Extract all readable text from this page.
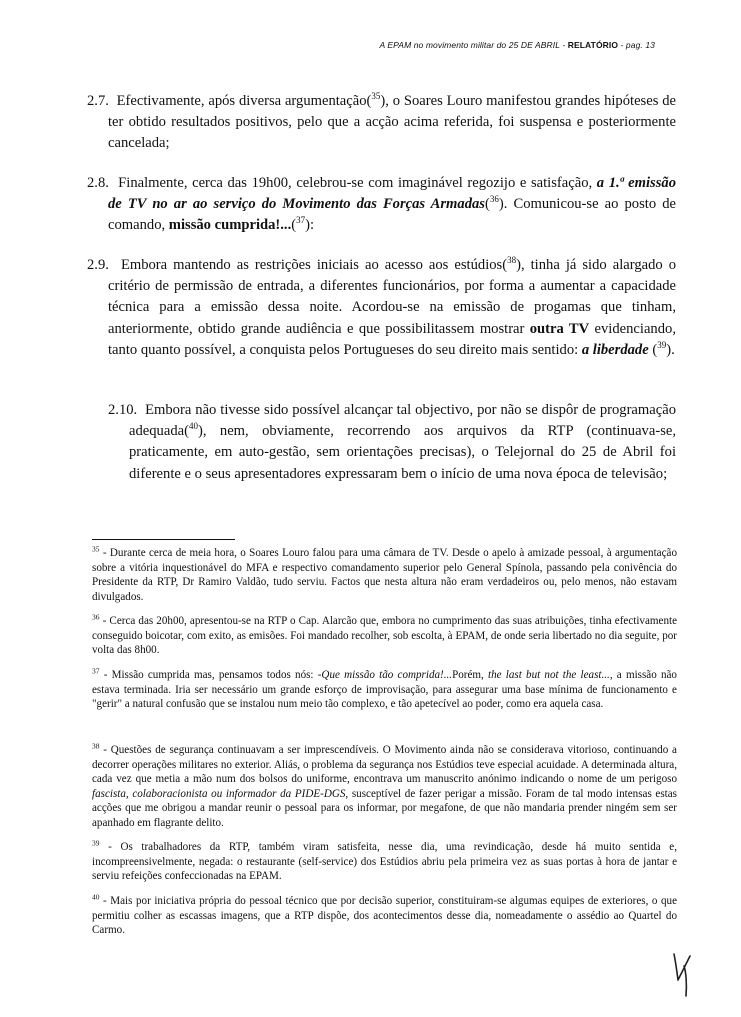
A EPAM no movimento militar do 25 DE ABRIL - RELATÓRIO - pag. 13

2.7. Efectivamente, após diversa argumentação($^{35}$), o Soares Louro manifestou grandes hipóteses de ter obtido resultados positivos, pelo que a acção acima referida, foi suspensa e posteriormente cancelada;

2.8. Finalmente, cerca das 19h00, celebrou-se com imaginável regozijo e satisfação, a 1.ª emissão de TV no ar ao serviço do Movimento das Forças Armadas($^{36}$). Comunicou-se ao posto de comando, missão cumprida!...($^{37}$):

2.9. Embora mantendo as restrições iniciais ao acesso aos estúdios($^{38}$), tinha já sido alargado o critério de permissão de entrada, a diferentes funcionários, por forma a aumentar a capacidade técnica para a emissão dessa noite. Acordou-se na emissão de progamas que tinham, anteriormente, obtido grande audiência e que possibilitassem mostrar outra TV evidenciando, tanto quanto possível, a conquista pelos Portugueses do seu direito mais sentido: a liberdade ($^{39}$).

2.10. Embora não tivesse sido possível alcançar tal objectivo, por não se dispôr de programação adequada($^{40}$), nem, obviamente, recorrendo aos arquivos da RTP (continuava-se, praticamente, em auto-gestão, sem orientações precisas), o Telejornal do 25 de Abril foi diferente e o seus apresentadores expressaram bem o início de uma nova época de televisão;

$^{35}$ - Durante cerca de meia hora, o Soares Louro falou para uma câmara de TV. Desde o apelo à amizade pessoal, à argumentação sobre a vitória inquestionável do MFA e respectivo comandamento superior pelo General Spínola, passando pela conivência do Presidente da RTP, Dr Ramiro Valdão, tudo serviu. Factos que nesta altura não eram verdadeiros ou, pelo menos, não estavam divulgados.
$^{36}$ - Cerca das 20h00, apresentou-se na RTP o Cap. Alarcão que, embora no cumprimento das suas atribuições, tinha efectivamente conseguido boicotar, com exito, as emisões. Foi mandado recolher, sob escolta, à EPAM, de onde seria libertado no dia seguite, por volta das 8h00.
$^{37}$ - Missão cumprida mas, pensamos todos nós: -Que missão tão comprida!...Porém, the last but not the least..., a missão não estava terminada. Iria ser necessário um grande esforço de improvisação, para assegurar uma base mínima de funcionamento e "gerir" a natural confusão que se instalou num meio tão complexo, e tão apetecível ao poder, como era aquela casa.
$^{38}$ - Questões de segurança continuavam a ser imprescendíveis. O Movimento ainda não se considerava vitorioso, continuando a decorrer operações militares no exterior. Aliás, o problema da segurança nos Estúdios teve especial acuidade. A determinada altura, cada vez que metia a mão num dos bolsos do uniforme, encontrava um manuscrito anónimo indicando o nome de um perigoso fascista, colaboracionista ou informador da PIDE-DGS, susceptível de fazer perigar a missão. Foram de tal modo intensas estas acções que me obrigou a mandar reunir o pessoal para os informar, por megafone, de que não mandaria prender ningém sem ser apanhado em flagrante delito.
$^{39}$ - Os trabalhadores da RTP, também viram satisfeita, nesse dia, uma revindicação, desde há muito sentida e, incompreensivelmente, negada: o restaurante (self-service) dos Estúdios abriu pela primeira vez as suas portas à hora de jantar e serviu refeições confeccionadas na EPAM.
$^{40}$ - Mais por iniciativa própria do pessoal técnico que por decisão superior, constituiram-se algumas equipes de exteriores, o que permitiu colher as escassas imagens, que a RTP dispõe, dos acontecimentos desse dia, nomeadamente o assédio ao Quartel do Carmo.
